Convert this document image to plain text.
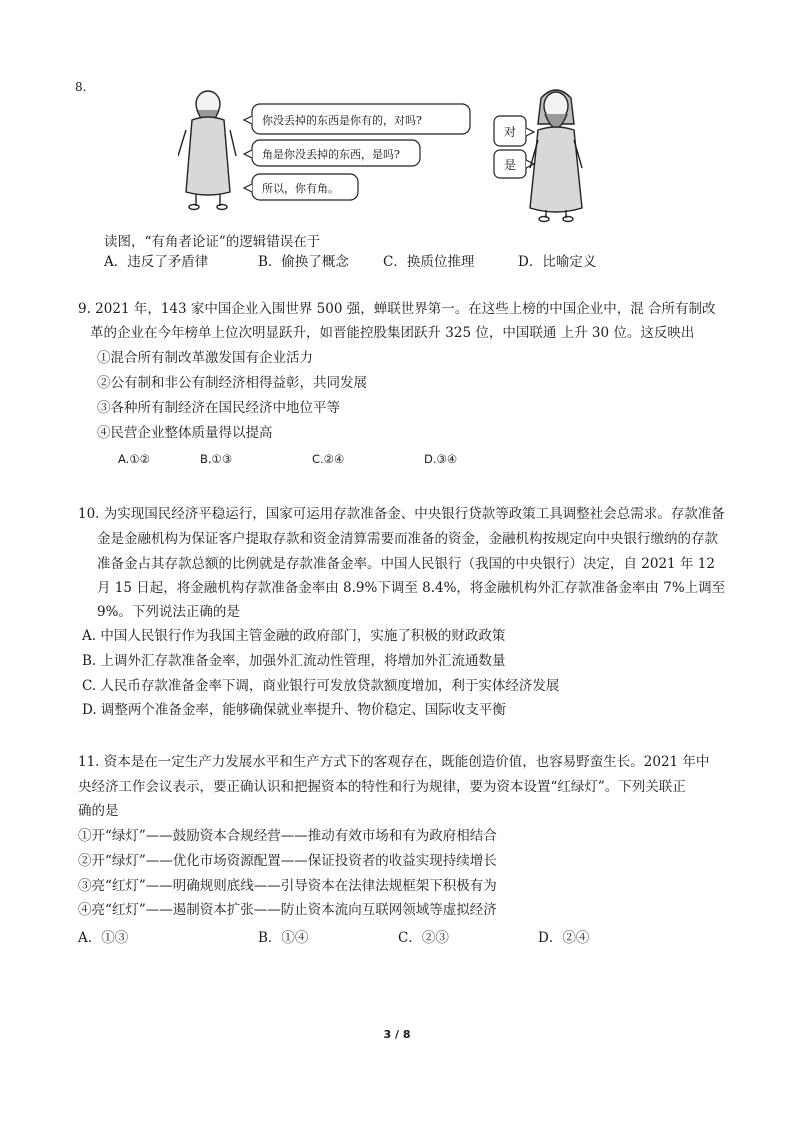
8.
你没丢掉的东西是你有的，对吗?
角是你没丢掉的东西，是吗?
所以，你有角。
对
是
读图，“有角者论证”的逻辑错误在于
A．违反了矛盾律	B．偷换了概念	C．换质位推理	D．比喻定义
9. 2021 年，143 家中国企业入围世界 500 强，蝉联世界第一。在这些上榜的中国企业中，混 合所有制改
革的企业在今年榜单上位次明显跃升，如晋能控股集团跃升 325 位，中国联通 上升 30 位。这反映出
①混合所有制改革激发国有企业活力
②公有制和非公有制经济相得益彰，共同发展
③各种所有制经济在国民经济中地位平等
④民营企业整体质量得以提高
A.①②	B.①③	C.②④	D.③④
10. 为实现国民经济平稳运行，国家可运用存款准备金、中央银行贷款等政策工具调整社会总需求。存款准备
金是金融机构为保证客户提取存款和资金清算需要而准备的资金，金融机构按规定向中央银行缴纳的存款
准备金占其存款总额的比例就是存款准备金率。中国人民银行（我国的中央银行）决定，自 2021 年 12
月 15 日起，将金融机构存款准备金率由 8.9%下调至 8.4%，将金融机构外汇存款准备金率由 7%上调至
9%。下列说法正确的是
A. 中国人民银行作为我国主管金融的政府部门，实施了积极的财政政策
B. 上调外汇存款准备金率，加强外汇流动性管理，将增加外汇流通数量
C. 人民币存款准备金率下调，商业银行可发放贷款额度增加，利于实体经济发展
D. 调整两个准备金率，能够确保就业率提升、物价稳定、国际收支平衡
11. 资本是在一定生产力发展水平和生产方式下的客观存在，既能创造价值，也容易野蛮生长。2021 年中
央经济工作会议表示，要正确认识和把握资本的特性和行为规律，要为资本设置“红绿灯”。下列关联正
确的是
①开“绿灯”——鼓励资本合规经营——推动有效市场和有为政府相结合
②开“绿灯”——优化市场资源配置——保证投资者的收益实现持续增长
③亮“红灯”——明确规则底线——引导资本在法律法规框架下积极有为
④亮“红灯”——遏制资本扩张——防止资本流向互联网领域等虚拟经济
A．①③	B．①④	C．②③	D．②④
3 / 8
